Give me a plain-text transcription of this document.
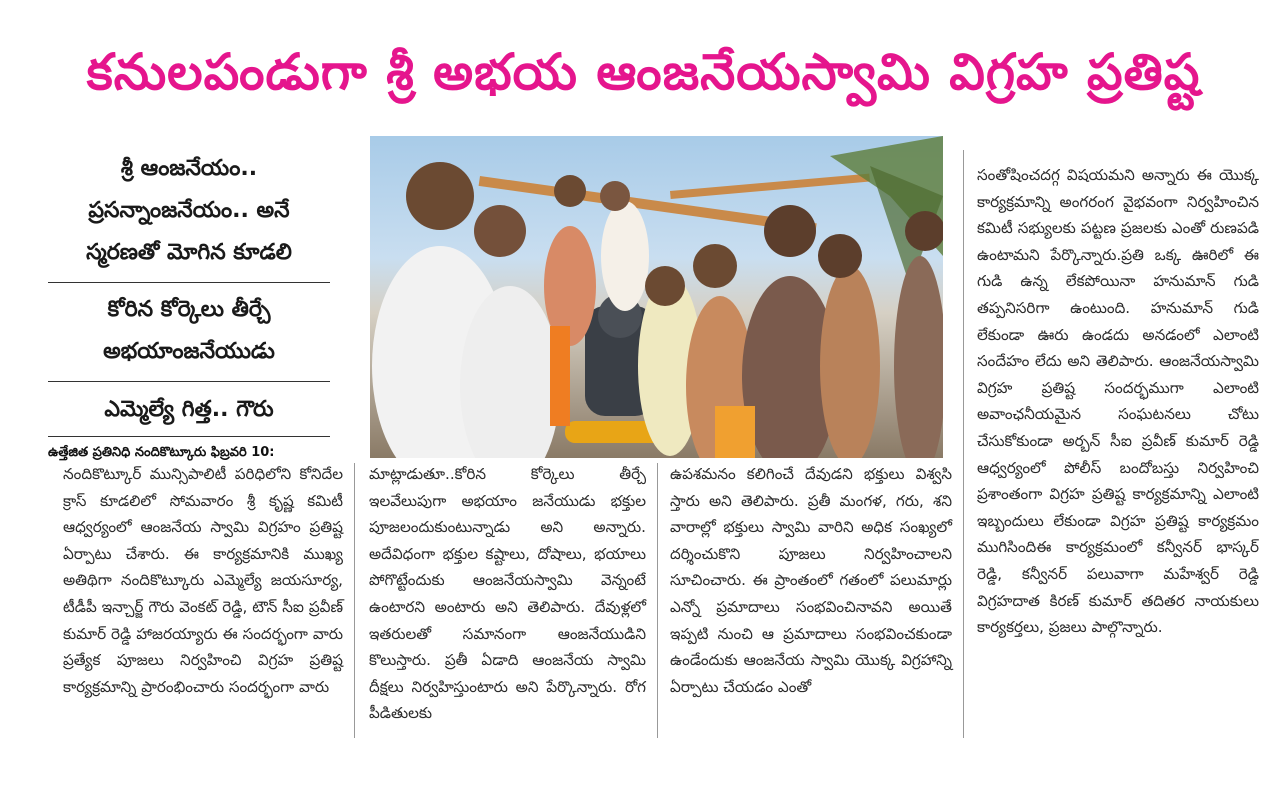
కనులపండుగా శ్రీ అభయ ఆంజనేయస్వామి విగ్రహ ప్రతిష్ట
శ్రీ ఆంజనేయం.. ప్రసన్నాంజనేయం.. అనే స్మరణతో మోగిన కూడలి
కోరిన కోర్కెలు తీర్చే అభయాంజనేయుడు
ఎమ్మెల్యే గిత్త.. గౌరు
ఉత్తేజిత ప్రతినిధి నందికొట్కూరు ఫిబ్రవరి 10:
నందికొట్కూర్ మున్సిపాలిటీ పరిధిలోని కోనిదేల క్రాస్ కూడలిలో సోమవారం శ్రీ కృష్ణ కమిటీ ఆధ్వర్యంలో ఆంజనేయ స్వామి విగ్రహం ప్రతిష్ట ఏర్పాటు చేశారు. ఈ కార్యక్రమానికి ముఖ్య అతిథిగా నందికొట్కూరు ఎమ్మెల్యే జయసూర్య, టీడీపీ ఇన్చార్జ్ గౌరు వెంకట్ రెడ్డి, టౌన్ సీఐ ప్రవీణ్ కుమార్ రెడ్డి హాజరయ్యారు ఈ సందర్భంగా వారు ప్రత్యేక పూజలు నిర్వహించి విగ్రహ ప్రతిష్ట కార్యక్రమాన్ని ప్రారంభించారు సందర్భంగా వారు
మాట్లాడుతూ..కోరిన కోర్కెలు తీర్చే ఇలవేలుపుగా అభయాం జనేయుడు భక్తుల పూజలందుకుంటున్నాడు అని అన్నారు. అదేవిధంగా భక్తుల కష్టాలు, దోషాలు, భయాలు పోగొట్టేందుకు ఆంజనేయస్వామి వెన్నంటే ఉంటారని అంటారు అని తెలిపారు. దేవుళ్లలో ఇతరులతో సమానంగా ఆంజనేయుడిని కొలుస్తారు. ప్రతీ ఏడాది ఆంజనేయ స్వామి దీక్షలు నిర్వహిస్తుంటారు అని పేర్కొన్నారు. రోగ పీడితులకు
ఉపశమనం కలిగించే దేవుడని భక్తులు విశ్వసి స్తారు అని తెలిపారు. ప్రతీ మంగళ, గరు, శని వారాల్లో భక్తులు స్వామి వారిని అధిక సంఖ్యలో దర్శించుకొని పూజలు నిర్వహించాలని సూచించారు. ఈ ప్రాంతంలో గతంలో పలుమార్లు ఎన్నో ప్రమాదాలు సంభవించినావని అయితే ఇప్పటి నుంచి ఆ ప్రమాదాలు సంభవించకుండా ఉండేందుకు ఆంజనేయ స్వామి యొక్క విగ్రహాన్ని ఏర్పాటు చేయడం ఎంతో
సంతోషించదగ్గ విషయమని అన్నారు ఈ యొక్క కార్యక్రమాన్ని అంగరంగ వైభవంగా నిర్వహించిన కమిటీ సభ్యులకు పట్టణ ప్రజలకు ఎంతో రుణపడి ఉంటామని పేర్కొన్నారు.ప్రతి ఒక్క ఊరిలో ఈ గుడి ఉన్న లేకపోయినా హనుమాన్ గుడి తప్పనిసరిగా ఉంటుంది. హనుమాన్ గుడి లేకుండా ఊరు ఉండదు అనడంలో ఎలాంటి సందేహం లేదు అని తెలిపారు. ఆంజనేయస్వామి విగ్రహ ప్రతిష్ట సందర్భముగా ఎలాంటి అవాంఛనీయమైన సంఘటనలు చోటు చేసుకోకుండా అర్బన్ సీఐ ప్రవీణ్ కుమార్ రెడ్డి ఆధ్వర్యంలో పోలీస్ బందోబస్తు నిర్వహించి ప్రశాంతంగా విగ్రహ ప్రతిష్ట కార్యక్రమాన్ని ఎలాంటి ఇబ్బందులు లేకుండా విగ్రహ ప్రతిష్ట కార్యక్రమం ముగిసిందిఈ కార్యక్రమంలో కన్వీనర్ భాస్కర్ రెడ్డి, కన్వీనర్ పలువాగా మహేశ్వర్ రెడ్డి విగ్రహదాత కిరణ్ కుమార్ తదితర నాయకులు కార్యకర్తలు, ప్రజలు పాల్గొన్నారు.
